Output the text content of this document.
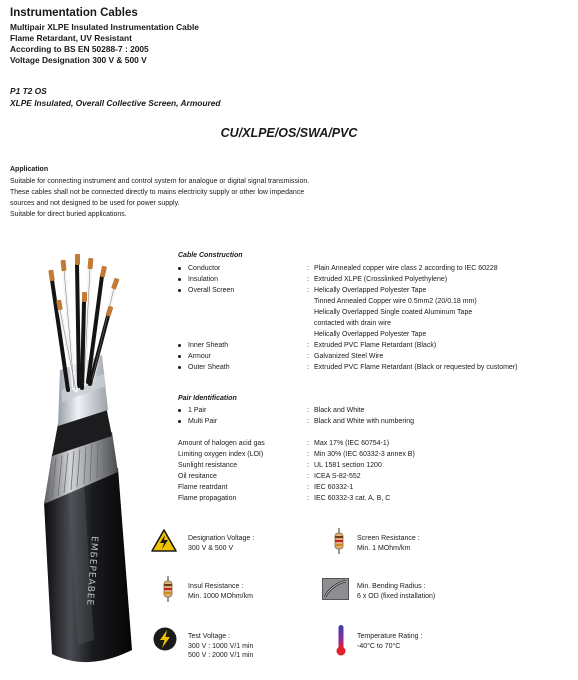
Instrumentation Cables
Multipair XLPE Insulated Instrumentation Cable
Flame Retardant, UV Resistant
According to BS EN 50288-7 : 2005
Voltage Designation 300 V & 500 V
P1 T2 OS
XLPE Insulated, Overall Collective Screen, Armoured
CU/XLPE/OS/SWA/PVC
Application
Suitable for connecting instrument and control system for analogue or digital signal transmission.
These cables shall not be connected directly to mains electricity supply or other low impedance
sources and not designed to be used for power supply.
Suitable for direct buried applications.
ЕМБЕРЕАВЕЕ
Cable Construction
Conductor	: Plain Annealed copper wire class 2 according to IEC 60228
Insulation	: Extruded XLPE (Crosslinked Polyethylene)
Overall Screen	: Helically Overlapped Polyester Tape
Tinned Annealed Copper wire 0.5mm2 (20/0.18 mm)
Helically Overlapped Single coated Aluminum Tape
contacted with drain wire
Helically Overlapped Polyester Tape
Inner Sheath	: Extruded PVC Flame Retardant (Black)
Armour	: Galvanized Steel Wire
Outer Sheath	: Extruded PVC Flame Retardant (Black or requested by customer)
Pair Identification
1 Pair	: Black and White
Multi Pair	: Black and White with numbering
Amount of halogen acid gas	: Max 17% (IEC 60754-1)
Limiting oxygen index (LOI)	: Min 30% (IEC 60332-3 annex B)
Sunlight resistance	: UL 1581 section 1200
Oil resitance	: ICEA S-82-552
Flame reatrdant	: IEC 60332-1
Flame propagation	: IEC 60332-3 cat. A, B, C
Designation Voltage :
300 V & 500 V
Screen Resistance :
Min. 1 MOhm/km
Insul Resistance :
Min. 1000 MOhm/km
Min. Bending Radius :
6 x OD (fixed installation)
Test Voltage :
300 V : 1000 V/1 min
500 V : 2000 V/1 min
Temperature Rating :
-40°C to 70°C
